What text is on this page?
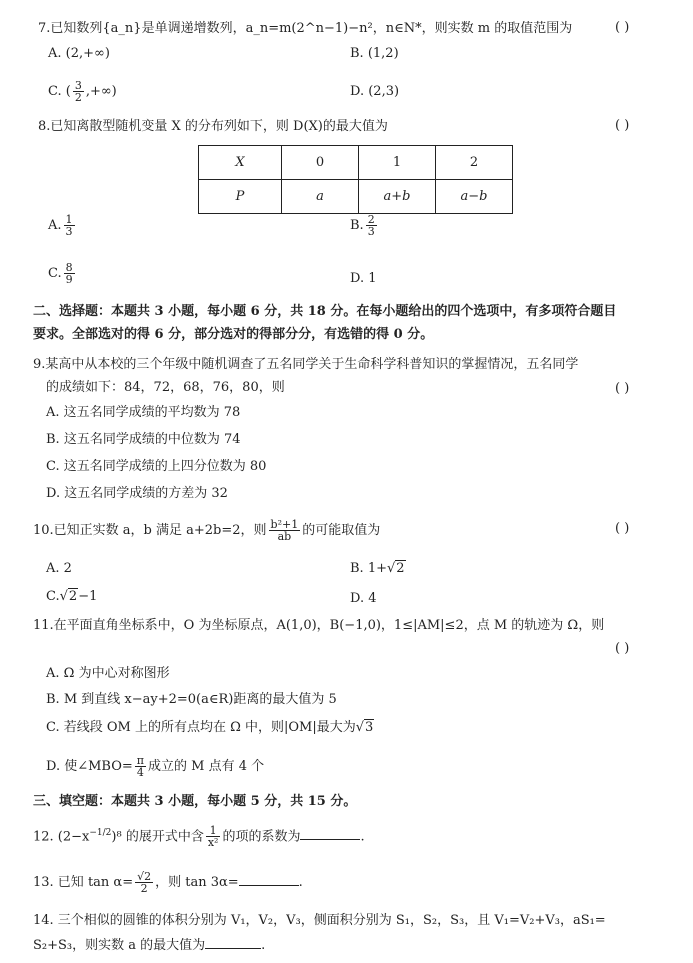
7.已知数列{a_n}是单调递增数列，a_n=m(2^n−1)−n²，n∈N*，则实数 m 的取值范围为	( )
A. (2,+∞)	B. (1,2)
C. ( $\frac{3}{2}$ ,+∞)	D. (2,3)
8.已知离散型随机变量 X 的分布列如下，则 D(X)的最大值为	( )
X	0	1	2
P	a	a+b	a−b
A. $\frac{1}{3}$	B. $\frac{2}{3}$
C. $\frac{8}{9}$	D. 1
二、选择题：本题共 3 小题，每小题 6 分，共 18 分。在每小题给出的四个选项中，有多项符合题目
要求。全部选对的得 6 分，部分选对的得部分分，有选错的得 0 分。
9.某高中从本校的三个年级中随机调查了五名同学关于生命科学科普知识的掌握情况，五名同学
的成绩如下：84，72，68，76，80，则	( )
A. 这五名同学成绩的平均数为 78
B. 这五名同学成绩的中位数为 74
C. 这五名同学成绩的上四分位数为 80
D. 这五名同学成绩的方差为 32
10.已知正实数 a，b 满足 a+2b=2，则 $\frac{\text{b²+1}}{ab}$ 的可能取值为	( )
A. 2	B. 1+√2
C.√2−1	D. 4
11.在平面直角坐标系中，O 为坐标原点，A(1,0)，B(−1,0)，1≤|AM|≤2，点 M 的轨迹为 Ω，则
( )
A. Ω 为中心对称图形
B. M 到直线 x−ay+2=0(a∈R)距离的最大值为 5
C. 若线段 OM 上的所有点均在 Ω 中，则|OM|最大为√3
D. 使∠MBO= $\frac{\pi}{4}$ 成立的 M 点有 4 个
三、填空题：本题共 3 小题，每小题 5 分，共 15 分。
12. $(2-x^{-1/2})^8$ 的展开式中含 $\frac{1}{\text{x²}}$ 的项的系数为	.
13. 已知 $\tan \alpha= \frac{√2}{2}$ ，则 tan 3α=	.
14. 三个相似的圆锥的体积分别为 V₁，V₂，V₃，侧面积分别为 S₁，S₂，S₃，且 V₁=V₂+V₃，aS₁=
S₂+S₃，则实数 a 的最大值为	.
